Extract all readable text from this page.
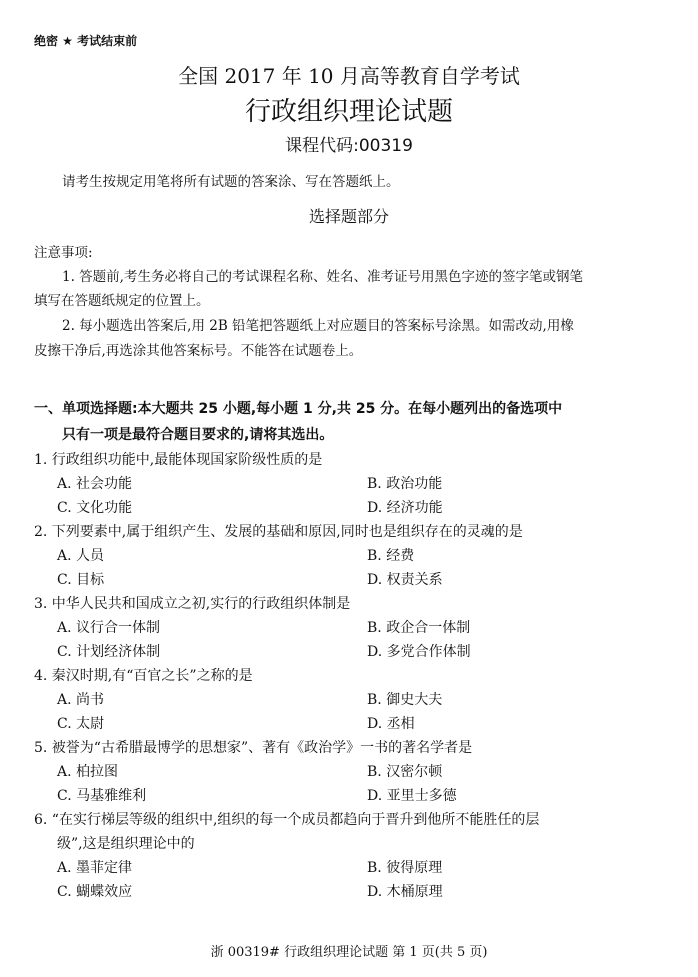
绝密 ★ 考试结束前
全国 2017 年 10 月高等教育自学考试
行政组织理论试题
课程代码:00319
请考生按规定用笔将所有试题的答案涂、写在答题纸上。
选择题部分
注意事项:
1. 答题前,考生务必将自己的考试课程名称、姓名、准考证号用黑色字迹的签字笔或钢笔
填写在答题纸规定的位置上。
2. 每小题选出答案后,用 2B 铅笔把答题纸上对应题目的答案标号涂黑。如需改动,用橡
皮擦干净后,再选涂其他答案标号。不能答在试题卷上。
一、单项选择题:本大题共 25 小题,每小题 1 分,共 25 分。在每小题列出的备选项中
只有一项是最符合题目要求的,请将其选出。
1. 行政组织功能中,最能体现国家阶级性质的是
A. 社会功能	B. 政治功能
C. 文化功能	D. 经济功能
2. 下列要素中,属于组织产生、发展的基础和原因,同时也是组织存在的灵魂的是
A. 人员	B. 经费
C. 目标	D. 权责关系
3. 中华人民共和国成立之初,实行的行政组织体制是
A. 议行合一体制	B. 政企合一体制
C. 计划经济体制	D. 多党合作体制
4. 秦汉时期,有“百官之长”之称的是
A. 尚书	B. 御史大夫
C. 太尉	D. 丞相
5. 被誉为“古希腊最博学的思想家”、著有《政治学》一书的著名学者是
A. 柏拉图	B. 汉密尔顿
C. 马基雅维利	D. 亚里士多德
6. “在实行梯层等级的组织中,组织的每一个成员都趋向于晋升到他所不能胜任的层
级”,这是组织理论中的
A. 墨菲定律	B. 彼得原理
C. 蝴蝶效应	D. 木桶原理
浙 00319# 行政组织理论试题 第 1 页(共 5 页)
